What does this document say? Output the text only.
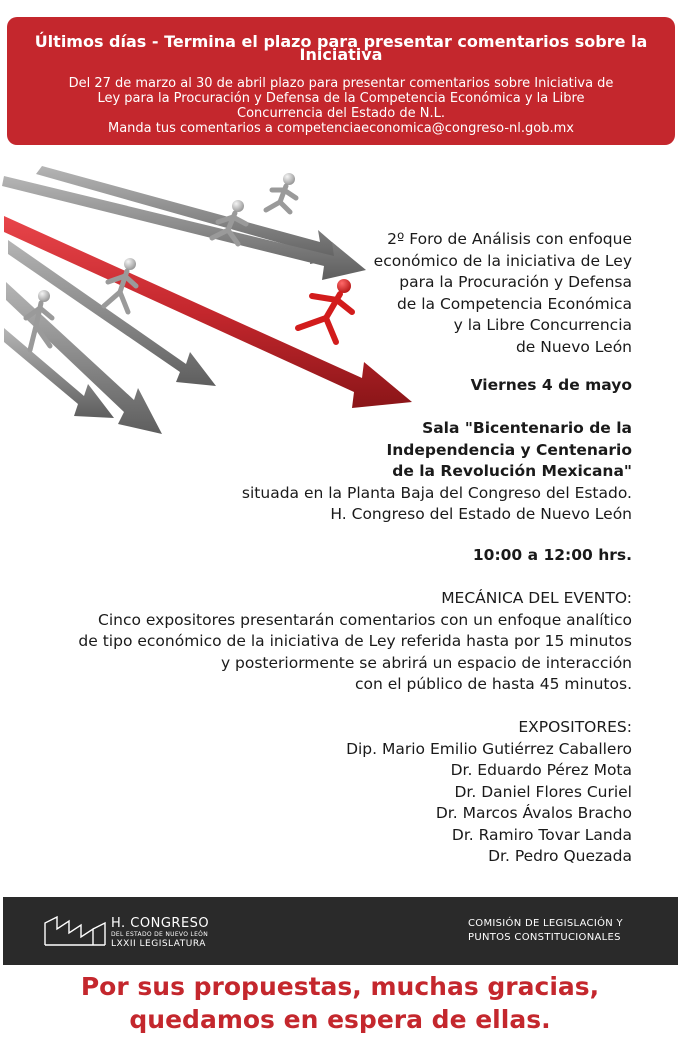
Últimos días - Termina el plazo para presentar comentarios sobre la Iniciativa
Del 27 de marzo al 30 de abril plazo para presentar comentarios sobre Iniciativa de
Ley para la Procuración y Defensa de la Competencia Económica y la Libre
Concurrencia del Estado de N.L.
Manda tus comentarios a competenciaeconomica@congreso-nl.gob.mx
2º Foro de Análisis con enfoque
económico de la iniciativa de Ley
para la Procuración y Defensa
de la Competencia Económica
y la Libre Concurrencia
de Nuevo León
Viernes 4 de mayo
Sala "Bicentenario de la
Independencia y Centenario
de la Revolución Mexicana"
situada en la Planta Baja del Congreso del Estado.
H. Congreso del Estado de Nuevo León
10:00 a 12:00 hrs.
MECÁNICA DEL EVENTO:
Cinco expositores presentarán comentarios con un enfoque analítico
de tipo económico de la iniciativa de Ley referida hasta por 15 minutos
y posteriormente se abrirá un espacio de interacción
con el público de hasta 45 minutos.
EXPOSITORES:
Dip. Mario Emilio Gutiérrez Caballero
Dr. Eduardo Pérez Mota
Dr. Daniel Flores Curiel
Dr. Marcos Ávalos Bracho
Dr. Ramiro Tovar Landa
Dr. Pedro Quezada
H. CONGRESO
DEL ESTADO DE NUEVO LEÓN
LXXII LEGISLATURA
COMISIÓN DE LEGISLACIÓN Y
PUNTOS CONSTITUCIONALES
Por sus propuestas, muchas gracias,
quedamos en espera de ellas.
